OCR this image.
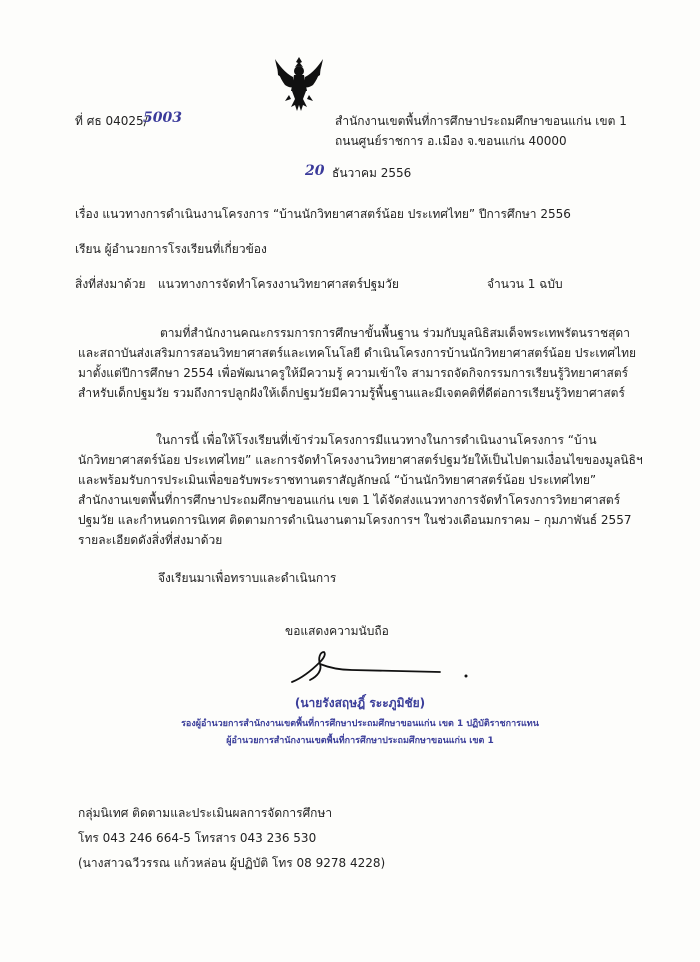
ที่ ศธ 04025/
5003	สำนักงานเขตพื้นที่การศึกษาประถมศึกษาขอนแก่น เขต 1
ถนนศูนย์ราชการ อ.เมือง จ.ขอนแก่น 40000
20 ธันวาคม 2556
เรื่อง แนวทางการดำเนินงานโครงการ “บ้านนักวิทยาศาสตร์น้อย ประเทศไทย” ปีการศึกษา 2556
เรียน ผู้อำนวยการโรงเรียนที่เกี่ยวข้อง
สิ่งที่ส่งมาด้วย แนวทางการจัดทำโครงงานวิทยาศาสตร์ปฐมวัย	จำนวน 1 ฉบับ
ตามที่สำนักงานคณะกรรมการการศึกษาขั้นพื้นฐาน ร่วมกับมูลนิธิสมเด็จพระเทพรัตนราชสุดา
และสถาบันส่งเสริมการสอนวิทยาศาสตร์และเทคโนโลยี ดำเนินโครงการบ้านนักวิทยาศาสตร์น้อย ประเทศไทย
มาตั้งแต่ปีการศึกษา 2554 เพื่อพัฒนาครูให้มีความรู้ ความเข้าใจ สามารถจัดกิจกรรมการเรียนรู้วิทยาศาสตร์
สำหรับเด็กปฐมวัย รวมถึงการปลูกฝังให้เด็กปฐมวัยมีความรู้พื้นฐานและมีเจตคติที่ดีต่อการเรียนรู้วิทยาศาสตร์
ในการนี้ เพื่อให้โรงเรียนที่เข้าร่วมโครงการมีแนวทางในการดำเนินงานโครงการ “บ้าน
นักวิทยาศาสตร์น้อย ประเทศไทย” และการจัดทำโครงงานวิทยาศาสตร์ปฐมวัยให้เป็นไปตามเงื่อนไขของมูลนิธิฯ
และพร้อมรับการประเมินเพื่อขอรับพระราชทานตราสัญลักษณ์ “บ้านนักวิทยาศาสตร์น้อย ประเทศไทย”
สำนักงานเขตพื้นที่การศึกษาประถมศึกษาขอนแก่น เขต 1 ได้จัดส่งแนวทางการจัดทำโครงการวิทยาศาสตร์
ปฐมวัย และกำหนดการนิเทศ ติดตามการดำเนินงานตามโครงการฯ ในช่วงเดือนมกราคม – กุมภาพันธ์ 2557
รายละเอียดดังสิ่งที่ส่งมาด้วย
จึงเรียนมาเพื่อทราบและดำเนินการ
ขอแสดงความนับถือ
(นายรังสฤษฎิ์ ระะภูมิชัย)
รองผู้อำนวยการสำนักงานเขตพื้นที่การศึกษาประถมศึกษาขอนแก่น เขต 1 ปฏิบัติราชการแทน
ผู้อำนวยการสำนักงานเขตพื้นที่การศึกษาประถมศึกษาขอนแก่น เขต 1
กลุ่มนิเทศ ติดตามและประเมินผลการจัดการศึกษา
โทร 043 246 664-5 โทรสาร 043 236 530
(นางสาวฉวีวรรณ แก้วหล่อน ผู้ปฏิบัติ โทร 08 9278 4228)
